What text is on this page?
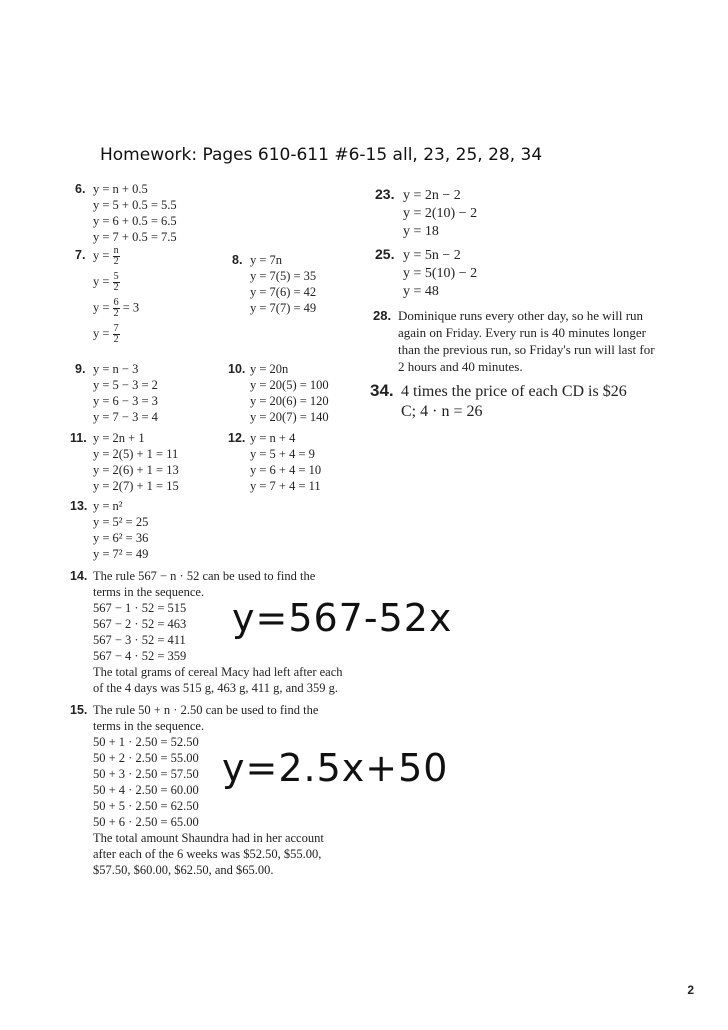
Homework: Pages 610-611 #6-15 all, 23, 25, 28, 34
6. y = n + 0.5
y = 5 + 0.5 = 5.5
y = 6 + 0.5 = 6.5
y = 7 + 0.5 = 7.5
7. $y = \frac{n}{2}$
$y = \frac{5}{2}$
$y = \frac{6}{2} = 3$
$y = \frac{7}{2}$
8. y = 7n
y = 7(5) = 35
y = 7(6) = 42
y = 7(7) = 49
9. y = n − 3
y = 5 − 3 = 2
y = 6 − 3 = 3
y = 7 − 3 = 4
10. y = 20n
y = 20(5) = 100
y = 20(6) = 120
y = 20(7) = 140
11. y = 2n + 1
y = 2(5) + 1 = 11
y = 2(6) + 1 = 13
y = 2(7) + 1 = 15
12. y = n + 4
y = 5 + 4 = 9
y = 6 + 4 = 10
y = 7 + 4 = 11
13. y = n²
y = 5² = 25
y = 6² = 36
y = 7² = 49
14. The rule 567 − n · 52 can be used to find the
terms in the sequence.
567 − 1 · 52 = 515
567 − 2 · 52 = 463
567 − 3 · 52 = 411
567 − 4 · 52 = 359
The total grams of cereal Macy had left after each
of the 4 days was 515 g, 463 g, 411 g, and 359 g.
y=567-52x
15. The rule 50 + n · 2.50 can be used to find the
terms in the sequence.
50 + 1 · 2.50 = 52.50
50 + 2 · 2.50 = 55.00
50 + 3 · 2.50 = 57.50
50 + 4 · 2.50 = 60.00
50 + 5 · 2.50 = 62.50
50 + 6 · 2.50 = 65.00
The total amount Shaundra had in her account
after each of the 6 weeks was $52.50, $55.00,
$57.50, $60.00, $62.50, and $65.00.
y=2.5x+50
23. y = 2n − 2
y = 2(10) − 2
y = 18
25. y = 5n − 2
y = 5(10) − 2
y = 48
28. Dominique runs every other day, so he will run
again on Friday. Every run is 40 minutes longer
than the previous run, so Friday's run will last for
2 hours and 40 minutes.
34. 4 times the price of each CD is $26
C; 4 · n = 26
2
